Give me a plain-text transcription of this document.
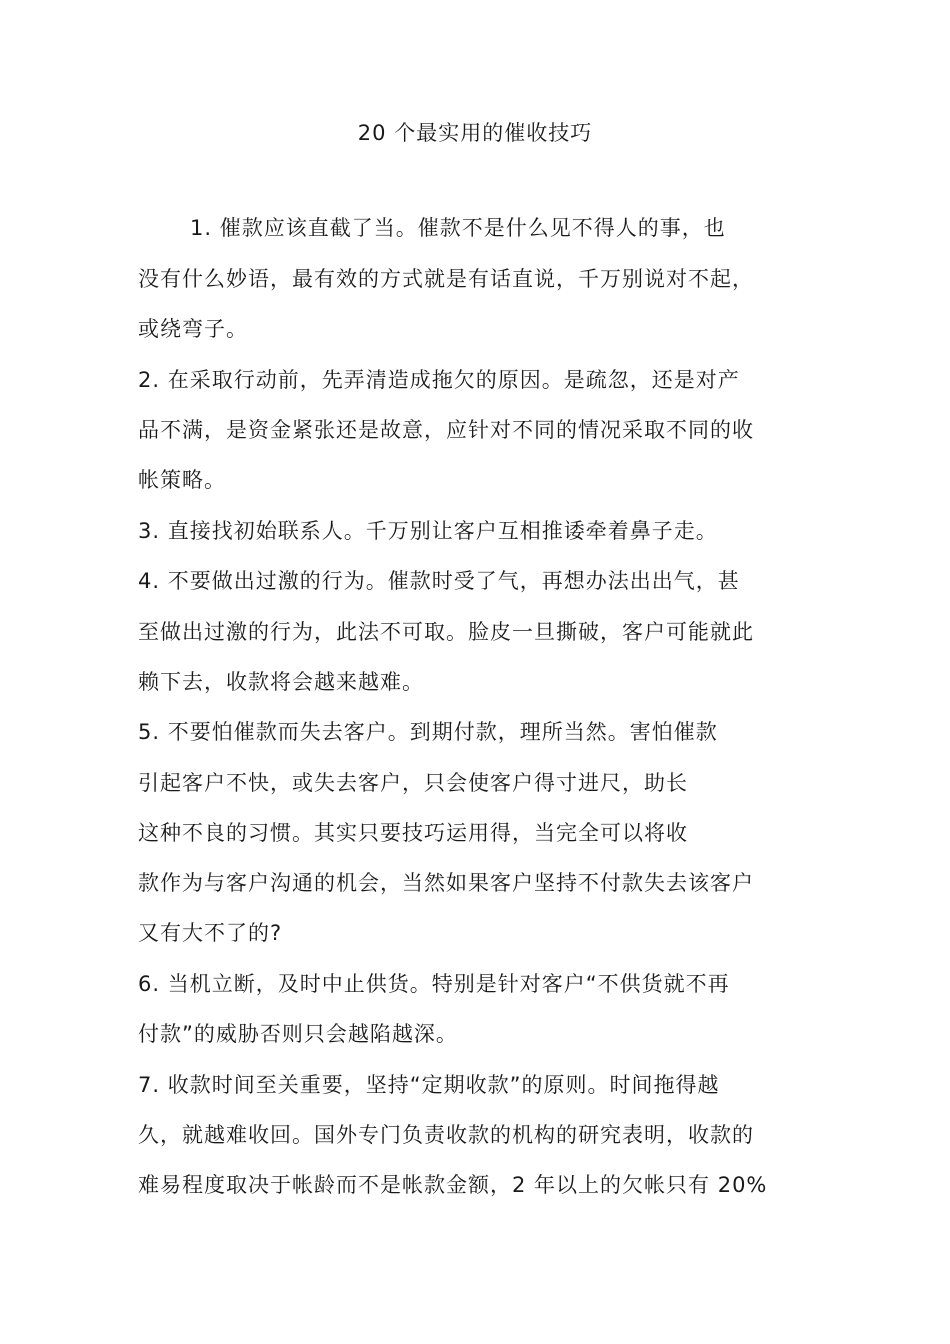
20 个最实用的催收技巧
1. 催款应该直截了当。催款不是什么见不得人的事，也
没有什么妙语，最有效的方式就是有话直说，千万别说对不起，
或绕弯子。
2. 在采取行动前，先弄清造成拖欠的原因。是疏忽，还是对产
品不满，是资金紧张还是故意，应针对不同的情况采取不同的收
帐策略。
3. 直接找初始联系人。千万别让客户互相推诿牵着鼻子走。
4. 不要做出过激的行为。催款时受了气，再想办法出出气，甚
至做出过激的行为，此法不可取。脸皮一旦撕破，客户可能就此
赖下去，收款将会越来越难。
5. 不要怕催款而失去客户。到期付款，理所当然。害怕催款
引起客户不快，或失去客户，只会使客户得寸进尺，助长
这种不良的习惯。其实只要技巧运用得，当完全可以将收
款作为与客户沟通的机会，当然如果客户坚持不付款失去该客户
又有大不了的?
6. 当机立断，及时中止供货。特别是针对客户“不供货就不再
付款”的威胁否则只会越陷越深。
7. 收款时间至关重要，坚持“定期收款”的原则。时间拖得越
久，就越难收回。国外专门负责收款的机构的研究表明，收款的
难易程度取决于帐龄而不是帐款金额，2 年以上的欠帐只有 20%
